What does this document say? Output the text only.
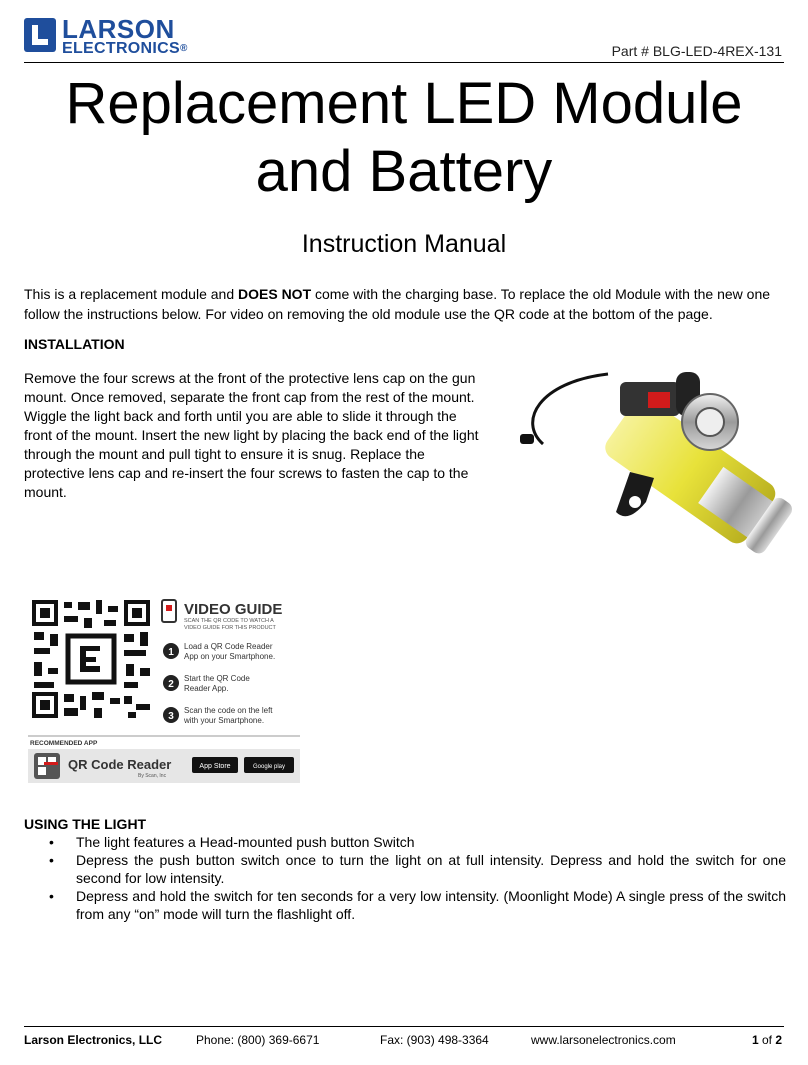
LARSON
ELECTRONICS®	Part # BLG-LED-4REX-131
Replacement LED Module
and Battery
Instruction Manual
This is a replacement module and DOES NOT come with the charging base. To replace the old Module with the new one follow the instructions below. For video on removing the old module use the QR code at the bottom of the page.
INSTALLATION
Remove the four screws at the front of the protective lens cap on the gun mount. Once removed, separate the front cap from the rest of the mount. Wiggle the light back and forth until you are able to slide it through the front of the mount. Insert the new light by placing the back end of the light through the mount and pull tight to ensure it is snug. Replace the protective lens cap and re-insert the four screws to fasten the cap to the mount.
VIDEO GUIDE
SCAN THE QR CODE TO WATCH A
VIDEO GUIDE FOR THIS PRODUCT
1
Load a QR Code Reader
App on your Smartphone.
2
Start the QR Code
Reader App.
3
Scan the code on the left
with your Smartphone.
RECOMMENDED APP
QR Code Reader
By Scan, Inc
App Store	Google play
USING THE LIGHT
• The light features a Head-mounted push button Switch
• Depress the push button switch once to turn the light on at full intensity. Depress and hold the switch for one second for low intensity.
• Depress and hold the switch for ten seconds for a very low intensity. (Moonlight Mode) A single press of the switch from any “on” mode will turn the flashlight off.
Larson Electronics, LLC	Phone: (800) 369-6671	Fax: (903) 498-3364	www.larsonelectronics.com	1 of 2
